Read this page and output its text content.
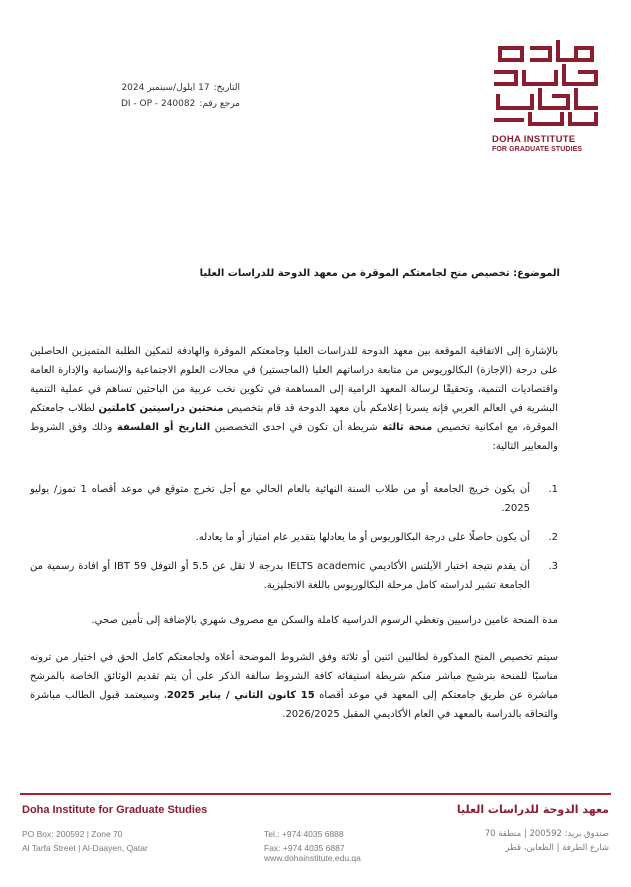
DOHA INSTITUTE
FOR GRADUATE STUDIES
التاريخ:
17 ايلول/سبتمبر 2024
مرجع رقم:
DI - OP - 240082
الموضوع: تخصيص منح لجامعتكم الموقرة من معهد الدوحة للدراسات العليا
بالإشارة إلى الاتفاقية الموقعة بين معهد الدوحة للدراسات العليا وجامعتكم الموقرة والهادفة لتمكين الطلبة المتميزين الحاصلين على درجة (الإجازة) البكالوريوس من متابعة دراساتهم العليا (الماجستير) في مجالات العلوم الاجتماعية والإنسانية والإدارة العامة واقتصاديات التنمية، وتحقيقًا لرسالة المعهد الرامية إلى المساهمة في تكوين نخب عربية من الباحثين تساهم في عملية التنمية البشرية في العالم العربي فإنه يسرنا إعلامكم بأن معهد الدوحة قد قام بتخصيص منحتين دراسيتين كاملتين لطلاب جامعتكم الموقرة، مع امكانية تخصيص منحة ثالثة شريطة أن تكون في احدى التخصصين التاريخ أو الفلسفة وذلك وفق الشروط والمعايير التالية:
1.
أن يكون خريج الجامعة أو من طلاب السنة النهائية بالعام الحالي مع أجل تخرج متوقع في موعد أقصاه 1 تموز/ يوليو 2025.
2.
أن يكون حاصلًا على درجة البكالوريوس أو ما يعادلها بتقدير عام امتياز أو ما يعادله.
3.
أن يقدم نتيجة اختبار الآيلتس الأكاديمي IELTS academic بدرجة لا تقل عن 5.5 أو التوفل IBT 59 أو افادة رسمية من الجامعة تشير لدراسته كامل مرحلة البكالوريوس باللغة الانجليزية.
مدة المنحة عامين دراسيين وتغطي الرسوم الدراسية كاملة والسكن مع مصروف شهري بالإضافة إلى تأمين صحي.
سيتم تخصيص المنح المذكورة لطالبين اثنين أو ثلاثة وفق الشروط الموضحة أعلاه ولجامعتكم كامل الحق في اختيار من ترونه مناسبًا للمنحة بترشيح مباشر منكم شريطة استيفائه كافة الشروط سالفة الذكر على أن يتم تقديم الوثائق الخاصة بالمرشح مباشرة عن طريق جامعتكم إلى المعهد في موعد أقصاه 15 كانون الثاني / يناير 2025، وسيعتمد قبول الطالب مباشرة والتحاقه بالدراسة بالمعهد في العام الأكاديمي المقبل 2026/2025.
Doha Institute for Graduate Studies	معهد الدوحة للدراسات العليا
PO Box: 200592 | Zone 70
Al Tarfa Street | Al-Daayen, Qatar
Tel.: +974 4035 6888
Fax: +974 4035 6887
www.dohainstitute.edu.qa
صندوق بريد: 200592 | منطقة 70
شارع الطرفة | الظعاين، قطر
